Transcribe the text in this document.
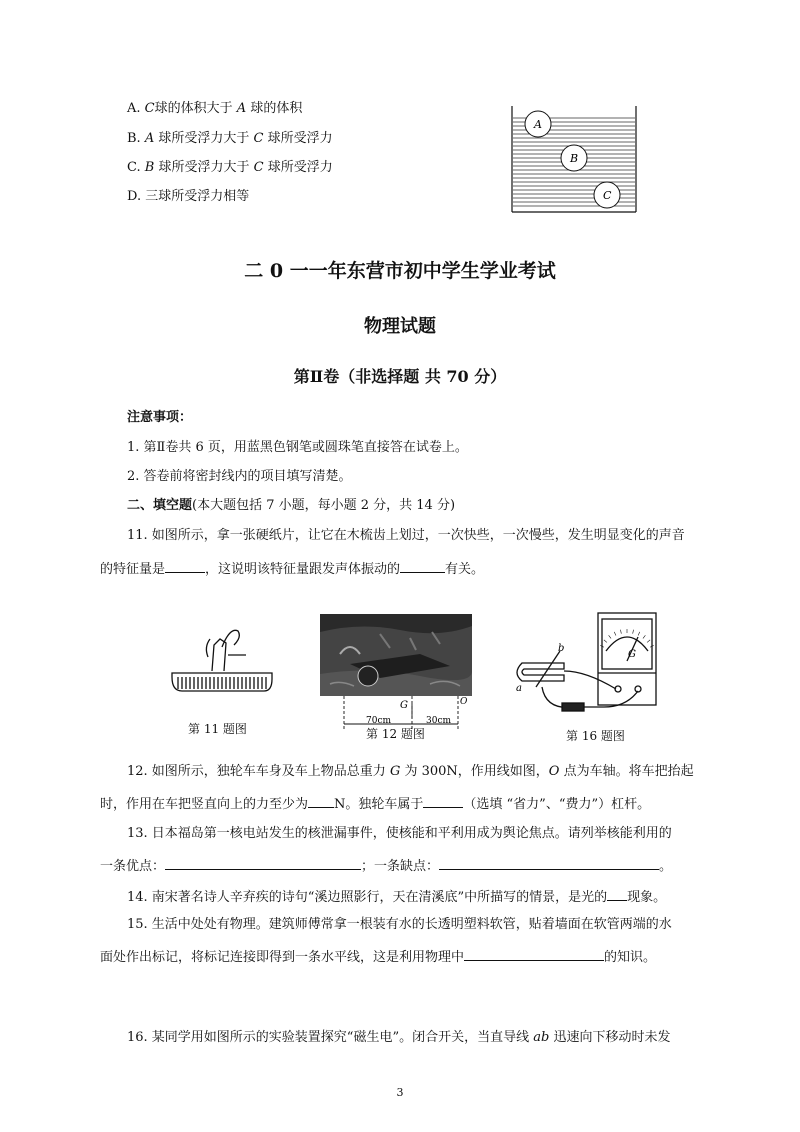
A. C球的体积大于 A 球的体积
B. A 球所受浮力大于 C 球所受浮力
C. B 球所受浮力大于 C 球所受浮力
D. 三球所受浮力相等
A
B
C
二 0 一一年东营市初中学生学业考试
物理试题
第Ⅱ卷（非选择题 共 70 分）
注意事项：
1. 第Ⅱ卷共 6 页，用蓝黑色钢笔或圆珠笔直接答在试卷上。
2. 答卷前将密封线内的项目填写清楚。
二、填空题(本大题包括 7 小题，每小题 2 分，共 14 分)
11. 如图所示，拿一张硬纸片，让它在木梳齿上划过，一次快些，一次慢些，发生明显变化的声音
的特征量是	，这说明该特征量跟发声体振动的	有关。
第 11 题图
G
70cm	30cm
O
第 12 题图
a
b
G
第 16 题图
12. 如图所示，独轮车车身及车上物品总重力 G 为 300N，作用线如图，O 点为车轴。将车把抬起
时，作用在车把竖直向上的力至少为 N。独轮车属于	（选填 “省力”、“费力”）杠杆。
13. 日本福岛第一核电站发生的核泄漏事件，使核能和平利用成为舆论焦点。请列举核能利用的
一条优点：	；一条缺点：	。
14. 南宋著名诗人辛弃疾的诗句“溪边照影行，天在清溪底”中所描写的情景，是光的 现象。
15. 生活中处处有物理。建筑师傅常拿一根装有水的长透明塑料软管，贴着墙面在软管两端的水
面处作出标记，将标记连接即得到一条水平线，这是利用物理中	的知识。
16. 某同学用如图所示的实验装置探究“磁生电”。闭合开关，当直导线 ab 迅速向下移动时未发
3
